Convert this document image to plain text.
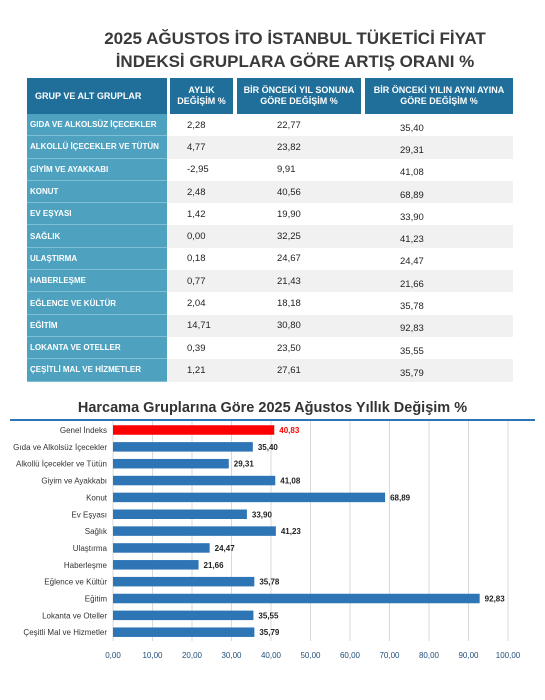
2025 AĞUSTOS İTO İSTANBUL TÜKETİCİ FİYAT
İNDEKSİ GRUPLARA GÖRE ARTIŞ ORANI %
GRUP VE ALT GRUPLAR
AYLIK DEĞİŞİM %
BİR ÖNCEKİ YIL SONUNA GÖRE DEĞİŞİM %
BİR ÖNCEKİ YILIN AYNI AYINA GÖRE DEĞİŞİM %
GIDA VE ALKOLSÜZ İÇECEKLER	2,28	22,77	35,40
ALKOLLÜ İÇECEKLER VE TÜTÜN	4,77	23,82	29,31
GİYİM VE AYAKKABI	-2,95	9,91	41,08
KONUT	2,48	40,56	68,89
EV EŞYASI	1,42	19,90	33,90
SAĞLIK	0,00	32,25	41,23
ULAŞTIRMA	0,18	24,67	24,47
HABERLEŞME	0,77	21,43	21,66
EĞLENCE VE KÜLTÜR	2,04	18,18	35,78
EĞİTİM	14,71	30,80	92,83
LOKANTA VE OTELLER	0,39	23,50	35,55
ÇEŞİTLİ MAL VE HİZMETLER	1,21	27,61	35,79
Harcama Gruplarına Göre 2025 Ağustos Yıllık Değişim %
0,00	10,00 20,00 30,00 40,00 50,00 60,00 70,00 80,00 90,00 100,00
Genel İndeks	40,83
Gıda ve Alkolsüz İçecekler	35,40
Alkollü İçecekler ve Tütün	29,31
Giyim ve Ayakkabı	41,08
Konut	68,89
Ev Eşyası	33,90
Sağlık	41,23
Ulaştırma	24,47
Haberleşme	21,66
Eğlence ve Kültür	35,78
Eğitim	92,83
Lokanta ve Oteller	35,55
Çeşitli Mal ve Hizmetler	35,79
